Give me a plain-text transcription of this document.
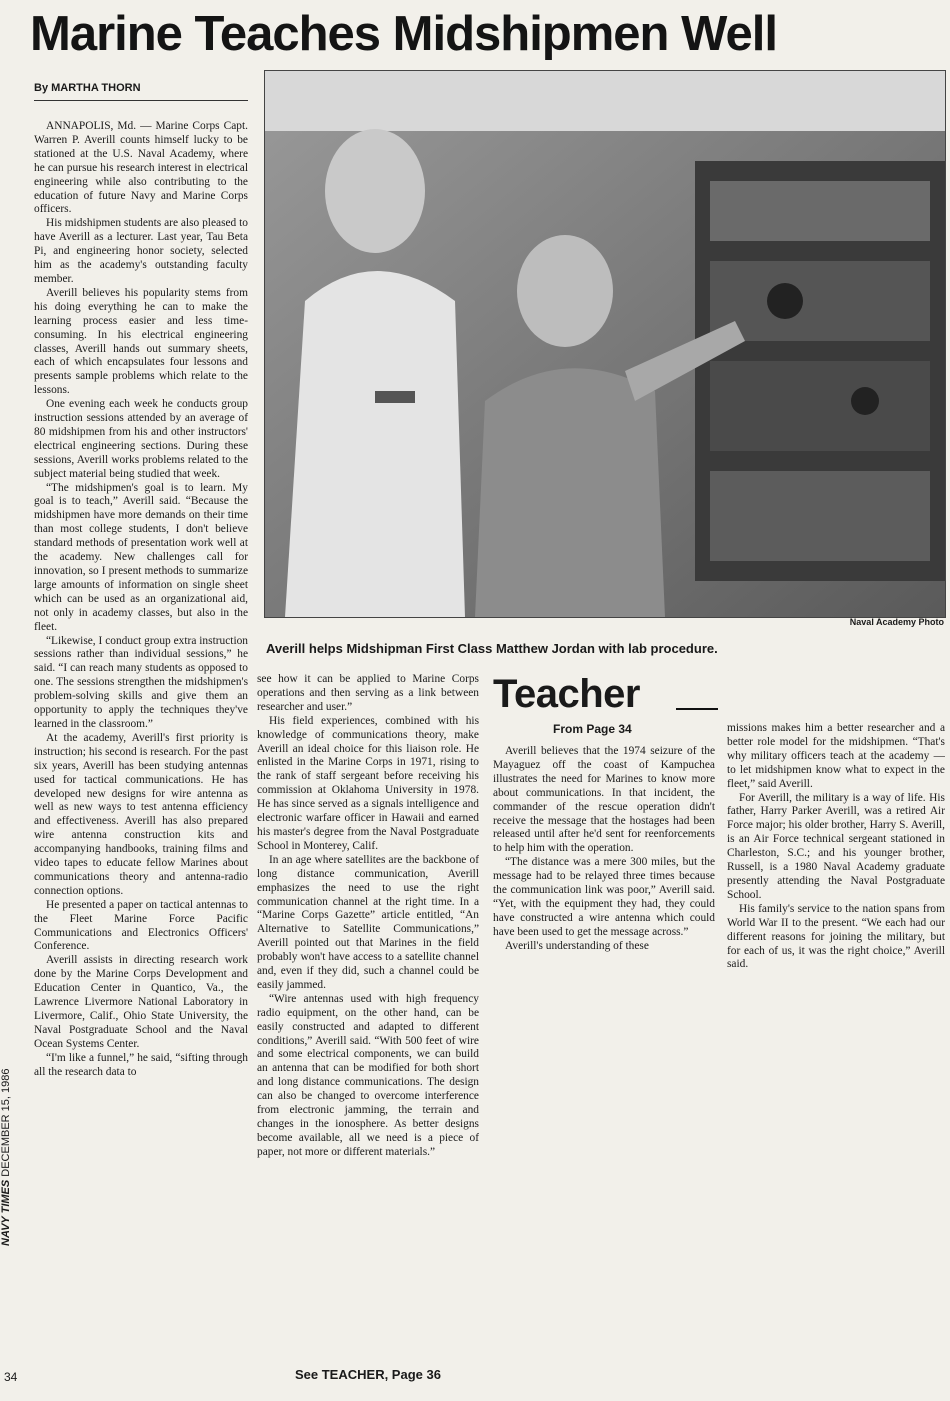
Marine Teaches Midshipmen Well
By MARTHA THORN

ANNAPOLIS, Md. — Marine Corps Capt. Warren P. Averill counts himself lucky to be stationed at the U.S. Naval Academy, where he can pursue his research interest in electrical engineering while also contributing to the education of future Navy and Marine Corps officers.

His midshipmen students are also pleased to have Averill as a lecturer. Last year, Tau Beta Pi, and engineering honor society, selected him as the academy's outstanding faculty member.

Averill believes his popularity stems from his doing everything he can to make the learning process easier and less time-consuming. In his electrical engineering classes, Averill hands out summary sheets, each of which encapsulates four lessons and presents sample problems which relate to the lessons.

One evening each week he conducts group instruction sessions attended by an average of 80 midshipmen from his and other instructors' electrical engineering sections. During these sessions, Averill works problems related to the subject material being studied that week.

“The midshipmen's goal is to learn. My goal is to teach,” Averill said. “Because the midshipmen have more demands on their time than most college students, I don't believe standard methods of presentation work well at the academy. New challenges call for innovation, so I present methods to summarize large amounts of information on single sheet which can be used as an organizational aid, not only in academy classes, but also in the fleet.

“Likewise, I conduct group extra instruction sessions rather than individual sessions,” he said. “I can reach many students as opposed to one. The sessions strengthen the midshipmen's problem-solving skills and give them an opportunity to apply the techniques they've learned in the classroom.”

At the academy, Averill's first priority is instruction; his second is research. For the past six years, Averill has been studying antennas used for tactical communications. He has developed new designs for wire antenna as well as new ways to test antenna efficiency and effectiveness. Averill has also prepared wire antenna construction kits and accompanying handbooks, training films and video tapes to educate fellow Marines about communications theory and antenna-radio connection options.

He presented a paper on tactical antennas to the Fleet Marine Force Pacific Communications and Electronics Officers' Conference.

Averill assists in directing research work done by the Marine Corps Development and Education Center in Quantico, Va., the Lawrence Livermore National Laboratory in Livermore, Calif., Ohio State University, the Naval Postgraduate School and the Naval Ocean Systems Center.

“I'm like a funnel,” he said, “sifting through all the research data to

Naval Academy Photo
Averill helps Midshipman First Class Matthew Jordan with lab procedure.

see how it can be applied to Marine Corps operations and then serving as a link between researcher and user.”

His field experiences, combined with his knowledge of communications theory, make Averill an ideal choice for this liaison role. He enlisted in the Marine Corps in 1971, rising to the rank of staff sergeant before receiving his commission at Oklahoma University in 1978. He has since served as a signals intelligence and electronic warfare officer in Hawaii and earned his master's degree from the Naval Postgraduate School in Monterey, Calif.

In an age where satellites are the backbone of long distance communication, Averill emphasizes the need to use the right communication channel at the right time. In a “Marine Corps Gazette” article entitled, “An Alternative to Satellite Communications,” Averill pointed out that Marines in the field probably won't have access to a satellite channel and, even if they did, such a channel could be easily jammed.

“Wire antennas used with high frequency radio equipment, on the other hand, can be easily constructed and adapted to different conditions,” Averill said. “With 500 feet of wire and some electrical components, we can build an antenna that can be modified for both short and long distance communications. The design can also be changed to overcome interference from electronic jamming, the terrain and changes in the ionosphere. As better designs become available, all we need is a piece of paper, not more or different materials.”

Teacher
From Page 34

Averill believes that the 1974 seizure of the Mayaguez off the coast of Kampuchea illustrates the need for Marines to know more about communications. In that incident, the commander of the rescue operation didn't receive the message that the hostages had been released until after he'd sent for reenforcements to help him with the operation.

“The distance was a mere 300 miles, but the message had to be relayed three times because the communication link was poor,” Averill said. “Yet, with the equipment they had, they could have constructed a wire antenna which could have been used to get the message across.”

Averill's understanding of these

missions makes him a better researcher and a better role model for the midshipmen. “That's why military officers teach at the academy — to let midshipmen know what to expect in the fleet,” said Averill.

For Averill, the military is a way of life. His father, Harry Parker Averill, was a retired Air Force major; his older brother, Harry S. Averill, is an Air Force technical sergeant stationed in Charleston, S.C.; and his younger brother, Russell, is a 1980 Naval Academy graduate presently attending the Naval Postgraduate School.

His family's service to the nation spans from World War II to the present. “We each had our different reasons for joining the military, but for each of us, it was the right choice,” Averill said.

See TEACHER, Page 36
NAVY TIMES DECEMBER 15, 1986
34
